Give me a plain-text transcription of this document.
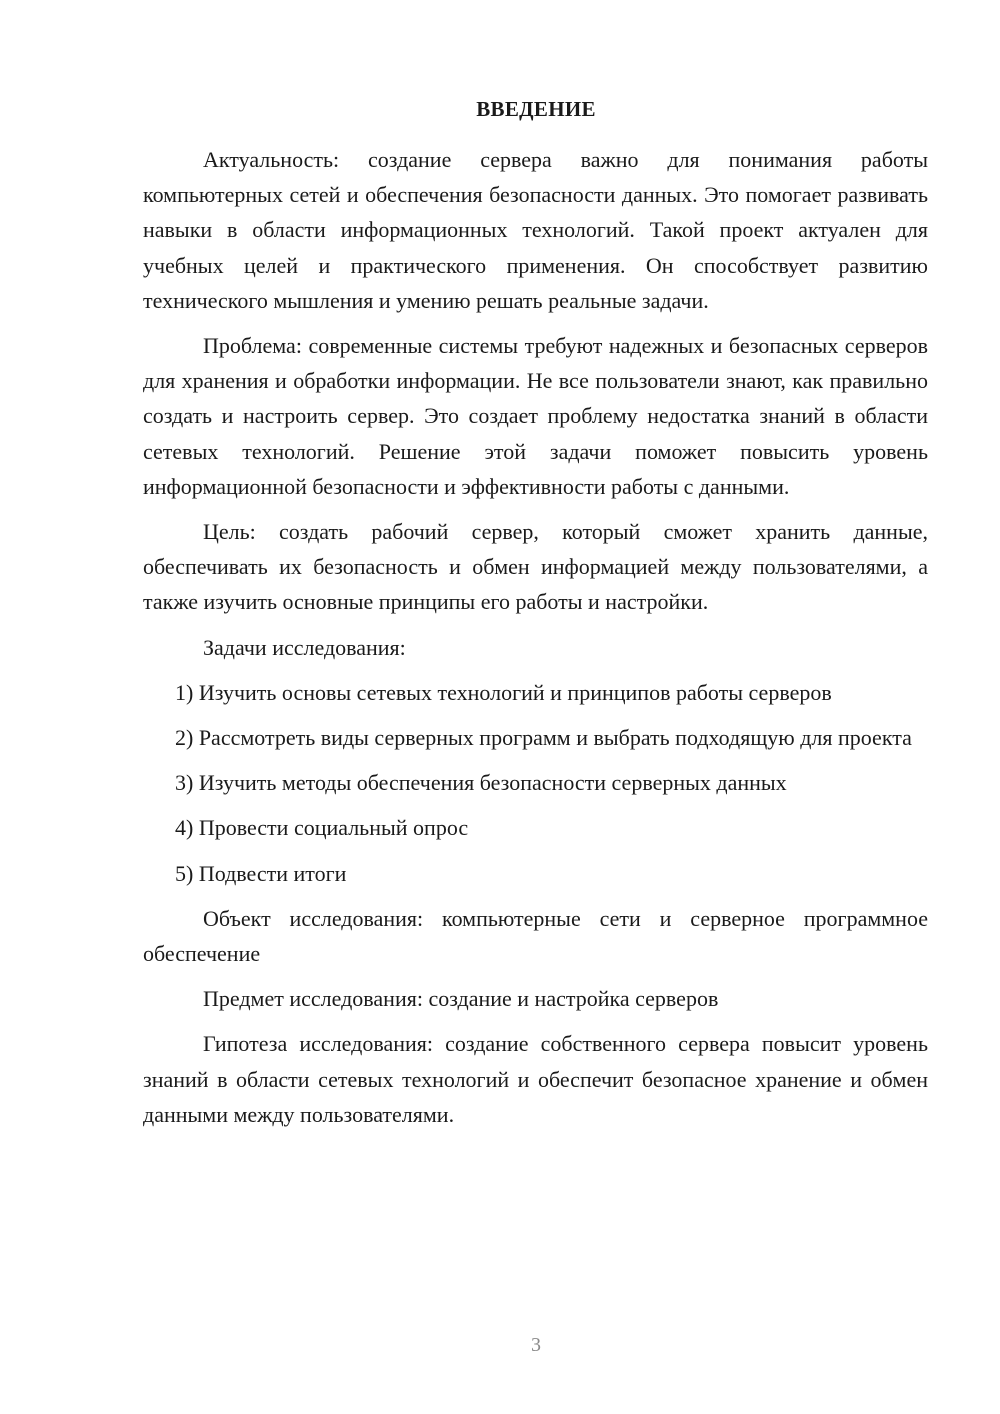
ВВЕДЕНИЕ

Актуальность: создание сервера важно для понимания работы компьютерных сетей и обеспечения безопасности данных. Это помогает развивать навыки в области информационных технологий. Такой проект актуален для учебных целей и практического применения. Он способствует развитию технического мышления и умению решать реальные задачи.

Проблема: современные системы требуют надежных и безопасных серверов для хранения и обработки информации. Не все пользователи знают, как правильно создать и настроить сервер. Это создает проблему недостатка знаний в области сетевых технологий. Решение этой задачи поможет повысить уровень информационной безопасности и эффективности работы с данными.

Цель: создать рабочий сервер, который сможет хранить данные, обеспечивать их безопасность и обмен информацией между пользователями, а также изучить основные принципы его работы и настройки.

Задачи исследования:

1) Изучить основы сетевых технологий и принципов работы серверов

2) Рассмотреть виды серверных программ и выбрать подходящую для проекта

3) Изучить методы обеспечения безопасности серверных данных

4) Провести социальный опрос

5) Подвести итоги

Объект исследования: компьютерные сети и серверное программное обеспечение

Предмет исследования: создание и настройка серверов

Гипотеза исследования: создание собственного сервера повысит уровень знаний в области сетевых технологий и обеспечит безопасное хранение и обмен данными между пользователями.

3
